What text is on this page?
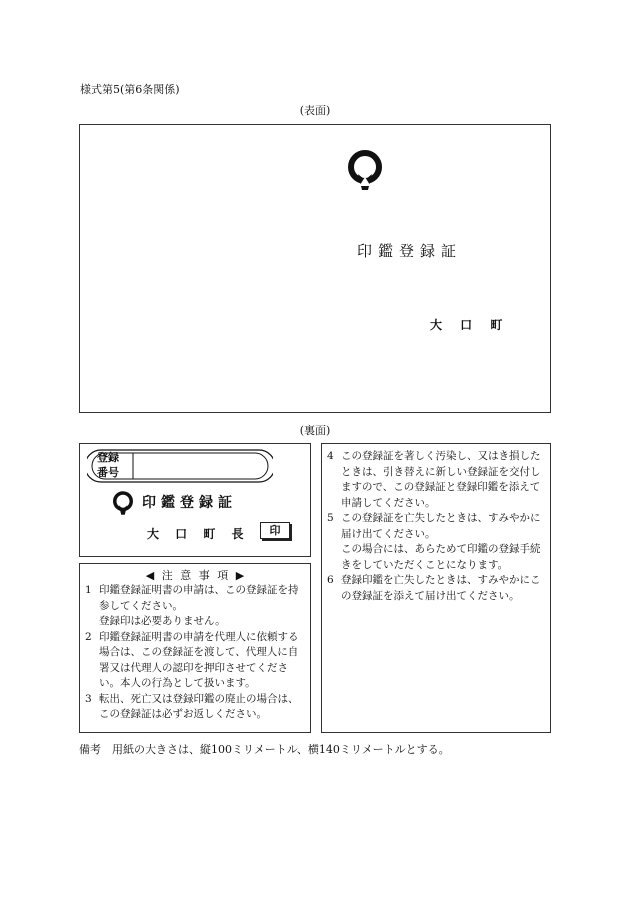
様式第5(第6条関係)
(表面)
印鑑登録証
大 口 町
(裏面)
登録
番号
印鑑登録証
大 口 町 長	印
◀ 注 意 事 項 ▶
1 印鑑登録証明書の申請は、この登録証を持参してください。
登録印は必要ありません。
2 印鑑登録証明書の申請を代理人に依頼する場合は、この登録証を渡して、代理人に自署又は代理人の認印を押印させてください。本人の行為として扱います。
3 転出、死亡又は登録印鑑の廃止の場合は、この登録証は必ずお返しください。
4 この登録証を著しく汚染し、又はき損したときは、引き替えに新しい登録証を交付しますので、この登録証と登録印鑑を添えて申請してください。
5 この登録証を亡失したときは、すみやかに届け出てください。
この場合には、あらためて印鑑の登録手続きをしていただくことになります。
6 登録印鑑を亡失したときは、すみやかにこの登録証を添えて届け出てください。
備考　用紙の大きさは、縦100ミリメートル、横140ミリメートルとする。
